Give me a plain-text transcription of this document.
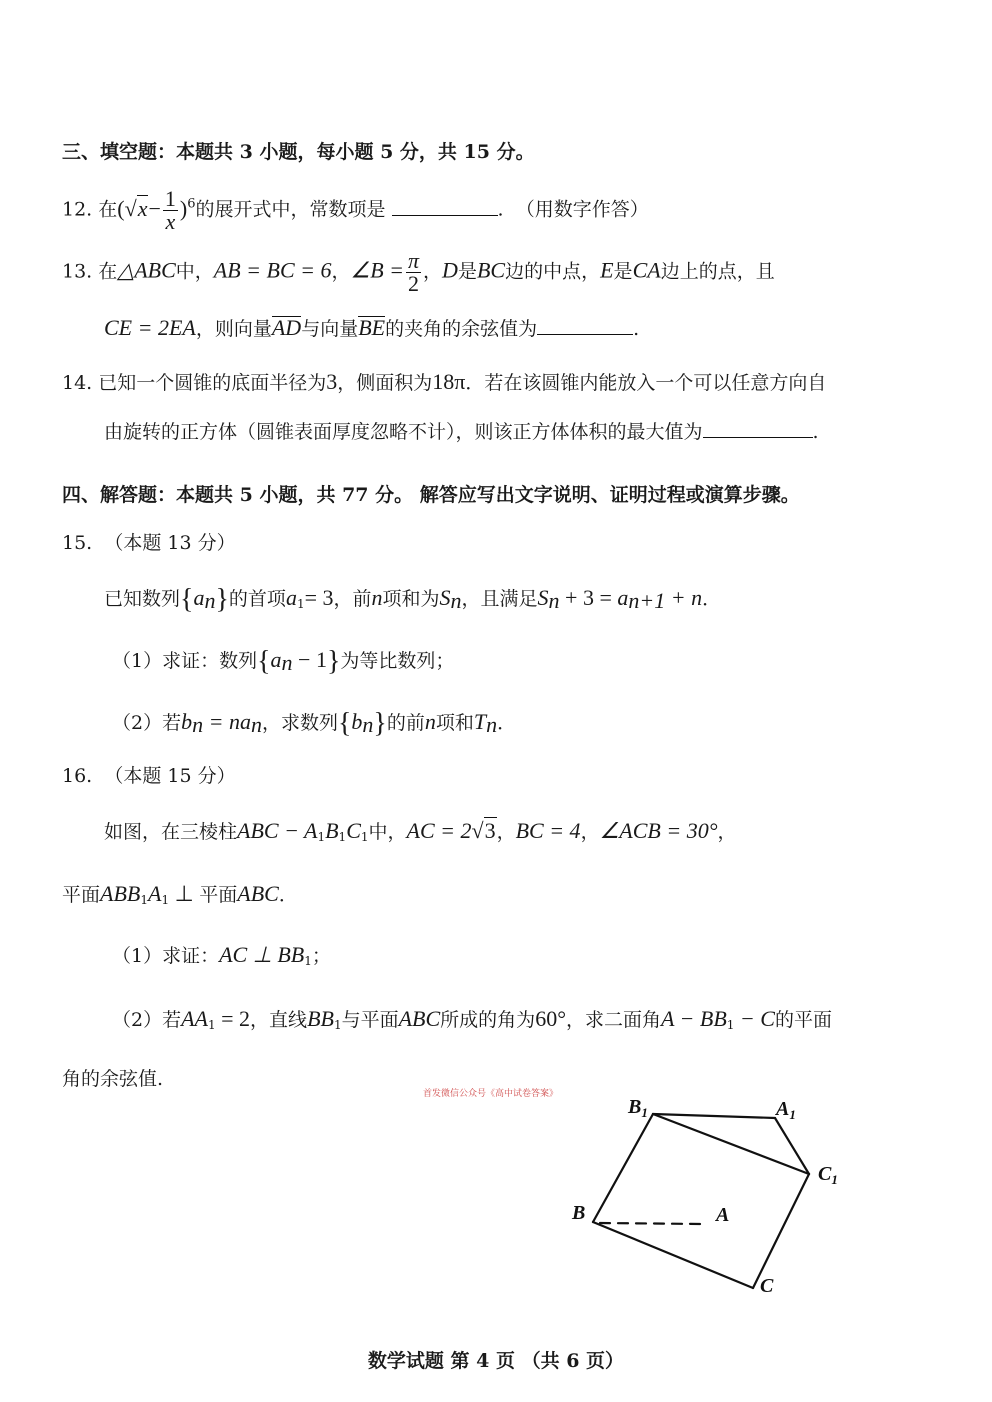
三、填空题：本题共 3 小题，每小题 5 分，共 15 分。
12. 在$(√x- \frac{1}{x} )^6$的展开式中，常数项是	. （用数字作答）
13. 在△ABC中，AB = BC = 6，∠B = $\frac{\pi}{2}$ ，D是BC边的中点，E是CA边上的点，且
CE = 2EA，则向量AD与向量BE的夹角的余弦值为	.
14. 已知一个圆锥的底面半径为3，侧面积为18π．若在该圆锥内能放入一个可以任意方向自
由旋转的正方体（圆锥表面厚度忽略不计），则该正方体体积的最大值为	.
四、解答题：本题共 5 小题，共 77 分。 解答应写出文字说明、证明过程或演算步骤。
15. （本题 13 分）
已知数列$\{a_n\}$的首项$a_1= 3$，前n项和为$S_n$，且满足$S_n + 3 = a_{n+1} + n$．
（1）求证：数列$\{a_n - 1\}$为等比数列；
（2）若$b_n = na_n$，求数列$\{b_n\}$的前n项和$T_n$．
16. （本题 15 分）
如图，在三棱柱ABC − $A_1B_1C_1$中，AC = 2√3，BC = 4，∠ACB = 30°，
平面$ABB_1A_1$ ⊥ 平面ABC．
（1）求证：AC ⊥ $BB_1$；
（2）若$AA_1 = 2$，直线$BB_1$与平面ABC所成的角为60°，求二面角$A - BB_1 - C$的平面
角的余弦值.
首发微信公众号《高中试卷答案》
$B_1$	$A_1$
$C_1$
B	A
C
数学试题 第 4 页 （共 6 页）
